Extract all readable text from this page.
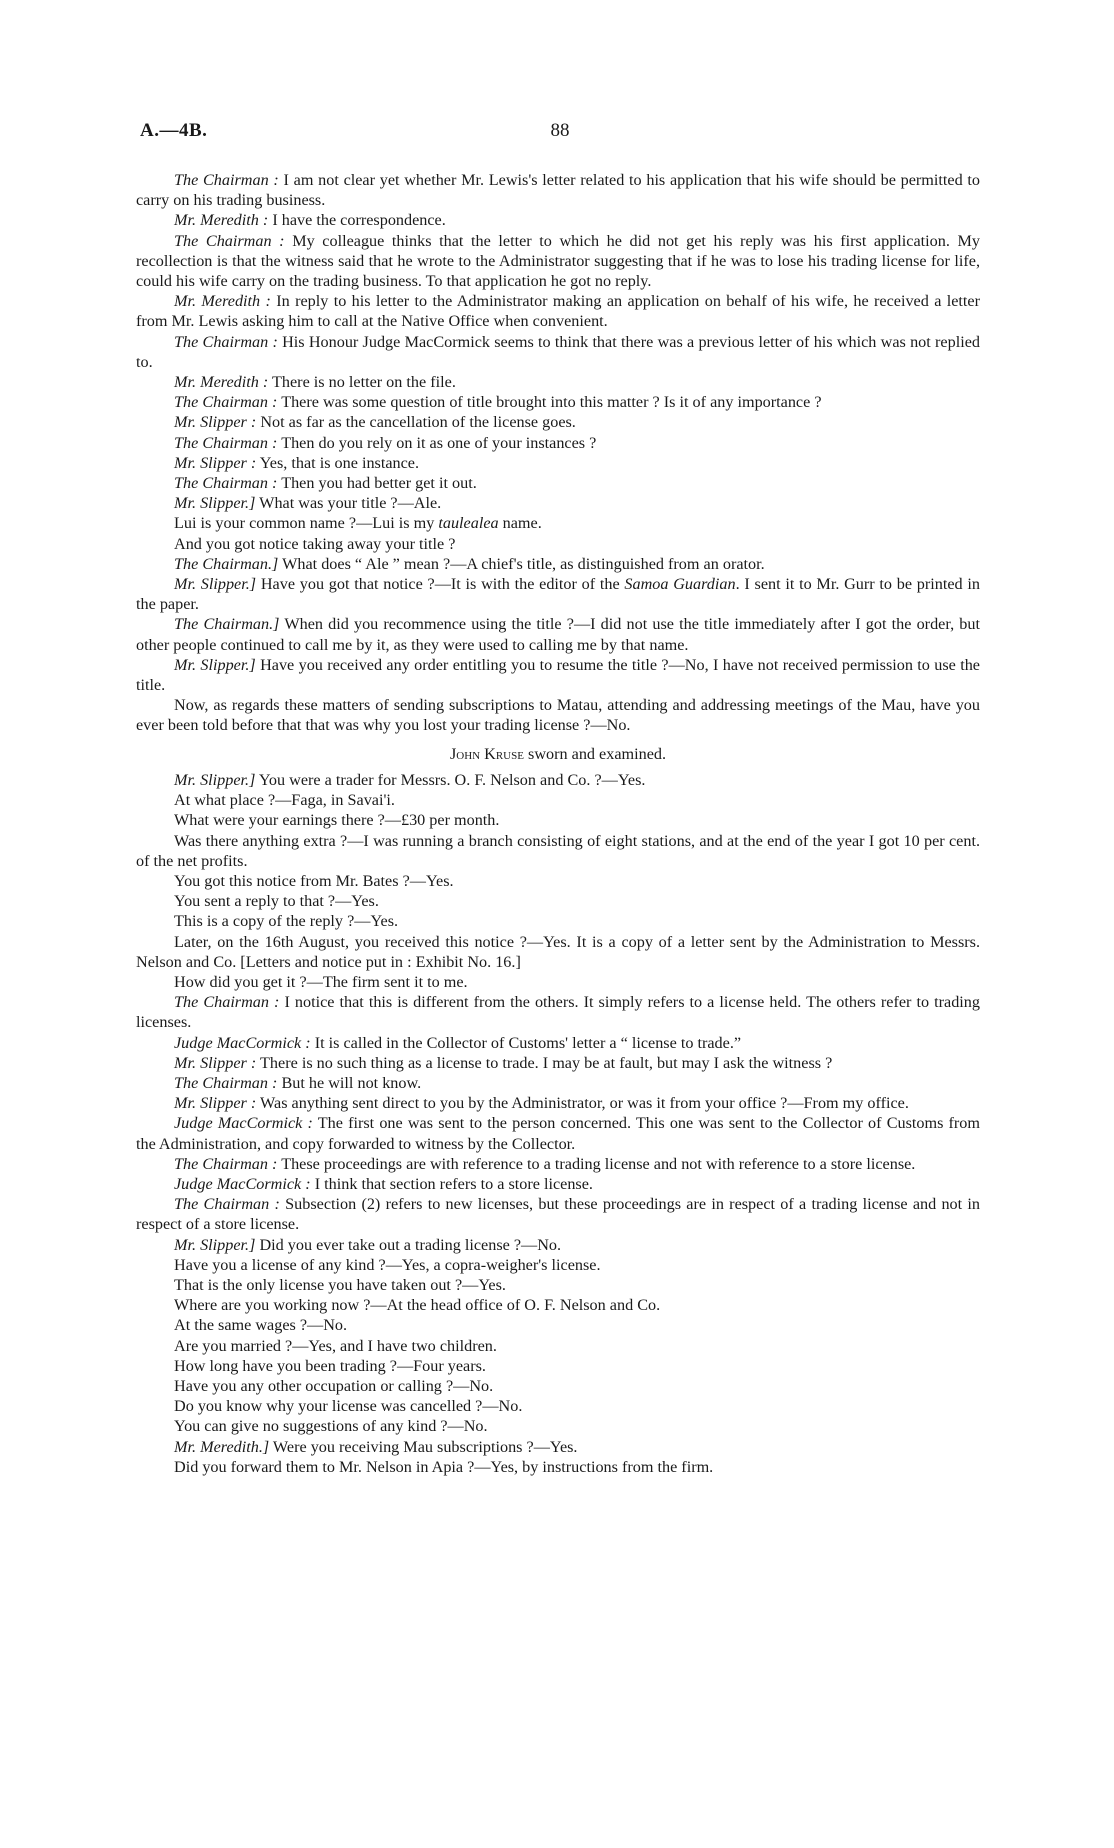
A.—4B.	88

The Chairman : I am not clear yet whether Mr. Lewis's letter related to his application that his wife should be permitted to carry on his trading business.

Mr. Meredith : I have the correspondence.

The Chairman : My colleague thinks that the letter to which he did not get his reply was his first application. My recollection is that the witness said that he wrote to the Administrator suggesting that if he was to lose his trading license for life, could his wife carry on the trading business. To that application he got no reply.

Mr. Meredith : In reply to his letter to the Administrator making an application on behalf of his wife, he received a letter from Mr. Lewis asking him to call at the Native Office when convenient.

The Chairman : His Honour Judge MacCormick seems to think that there was a previous letter of his which was not replied to.

Mr. Meredith : There is no letter on the file.

The Chairman : There was some question of title brought into this matter ? Is it of any importance ?

Mr. Slipper : Not as far as the cancellation of the license goes.

The Chairman : Then do you rely on it as one of your instances ?

Mr. Slipper : Yes, that is one instance.

The Chairman : Then you had better get it out.

Mr. Slipper.] What was your title ?—Ale.

Lui is your common name ?—Lui is my taulealea name.

And you got notice taking away your title ?

The Chairman.] What does “ Ale ” mean ?—A chief's title, as distinguished from an orator.

Mr. Slipper.] Have you got that notice ?—It is with the editor of the Samoa Guardian. I sent it to Mr. Gurr to be printed in the paper.

The Chairman.] When did you recommence using the title ?—I did not use the title immediately after I got the order, but other people continued to call me by it, as they were used to calling me by that name.

Mr. Slipper.] Have you received any order entitling you to resume the title ?—No, I have not received permission to use the title.

Now, as regards these matters of sending subscriptions to Matau, attending and addressing meetings of the Mau, have you ever been told before that that was why you lost your trading license ?—No.

John Kruse sworn and examined.

Mr. Slipper.] You were a trader for Messrs. O. F. Nelson and Co. ?—Yes.

At what place ?—Faga, in Savai'i.

What were your earnings there ?—£30 per month.

Was there anything extra ?—I was running a branch consisting of eight stations, and at the end of the year I got 10 per cent. of the net profits.

You got this notice from Mr. Bates ?—Yes.

You sent a reply to that ?—Yes.

This is a copy of the reply ?—Yes.

Later, on the 16th August, you received this notice ?—Yes. It is a copy of a letter sent by the Administration to Messrs. Nelson and Co. [Letters and notice put in : Exhibit No. 16.]

How did you get it ?—The firm sent it to me.

The Chairman : I notice that this is different from the others. It simply refers to a license held. The others refer to trading licenses.

Judge MacCormick : It is called in the Collector of Customs' letter a “ license to trade.”

Mr. Slipper : There is no such thing as a license to trade. I may be at fault, but may I ask the witness ?

The Chairman : But he will not know.

Mr. Slipper : Was anything sent direct to you by the Administrator, or was it from your office ?—From my office.

Judge MacCormick : The first one was sent to the person concerned. This one was sent to the Collector of Customs from the Administration, and copy forwarded to witness by the Collector.

The Chairman : These proceedings are with reference to a trading license and not with reference to a store license.

Judge MacCormick : I think that section refers to a store license.

The Chairman : Subsection (2) refers to new licenses, but these proceedings are in respect of a trading license and not in respect of a store license.

Mr. Slipper.] Did you ever take out a trading license ?—No.

Have you a license of any kind ?—Yes, a copra-weigher's license.

That is the only license you have taken out ?—Yes.

Where are you working now ?—At the head office of O. F. Nelson and Co.

At the same wages ?—No.

Are you married ?—Yes, and I have two children.

How long have you been trading ?—Four years.

Have you any other occupation or calling ?—No.

Do you know why your license was cancelled ?—No.

You can give no suggestions of any kind ?—No.

Mr. Meredith.] Were you receiving Mau subscriptions ?—Yes.

Did you forward them to Mr. Nelson in Apia ?—Yes, by instructions from the firm.
